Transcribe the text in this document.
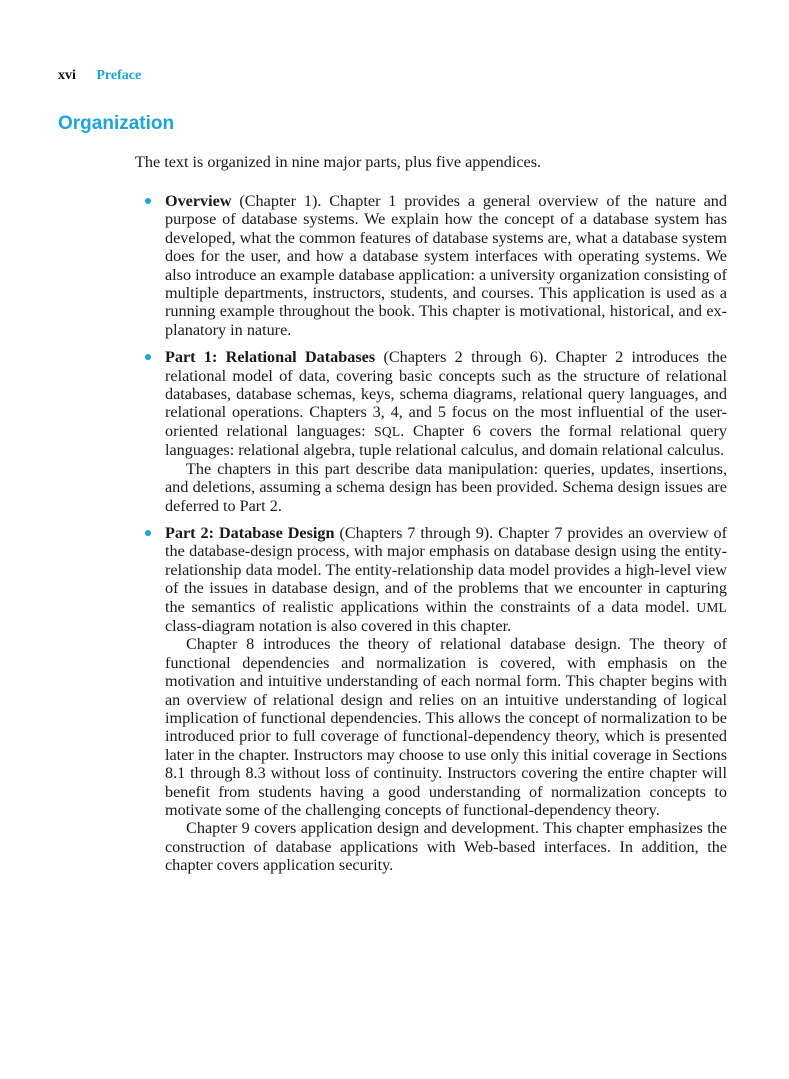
xvi Preface
Organization

The text is organized in nine major parts, plus five appendices.

Overview (Chapter 1). Chapter 1 provides a general overview of the nature and purpose of database systems. We explain how the concept of a database system has developed, what the common features of database systems are, what a database system does for the user, and how a database system interfaces with operating systems. We also introduce an example database application: a university organization consisting of multiple departments, instructors, students, and courses. This application is used as a running example throughout the book. This chapter is motivational, historical, and explanatory in nature.

Part 1: Relational Databases (Chapters 2 through 6). Chapter 2 introduces the relational model of data, covering basic concepts such as the structure of relational databases, database schemas, keys, schema diagrams, relational query languages, and relational operations. Chapters 3, 4, and 5 focus on the most influential of the user-oriented relational languages: SQL. Chapter 6 covers the formal relational query languages: relational algebra, tuple relational calculus, and domain relational calculus.

The chapters in this part describe data manipulation: queries, updates, insertions, and deletions, assuming a schema design has been provided. Schema design issues are deferred to Part 2.

Part 2: Database Design (Chapters 7 through 9). Chapter 7 provides an overview of the database-design process, with major emphasis on database design using the entity-relationship data model. The entity-relationship data model provides a high-level view of the issues in database design, and of the problems that we encounter in capturing the semantics of realistic applications within the constraints of a data model. UML class-diagram notation is also covered in this chapter.

Chapter 8 introduces the theory of relational database design. The theory of functional dependencies and normalization is covered, with emphasis on the motivation and intuitive understanding of each normal form. This chapter begins with an overview of relational design and relies on an intuitive understanding of logical implication of functional dependencies. This allows the concept of normalization to be introduced prior to full coverage of functional-dependency theory, which is presented later in the chapter. Instructors may choose to use only this initial coverage in Sections 8.1 through 8.3 without loss of continuity. Instructors covering the entire chapter will benefit from students having a good understanding of normalization concepts to motivate some of the challenging concepts of functional-dependency theory.

Chapter 9 covers application design and development. This chapter emphasizes the construction of database applications with Web-based interfaces. In addition, the chapter covers application security.
